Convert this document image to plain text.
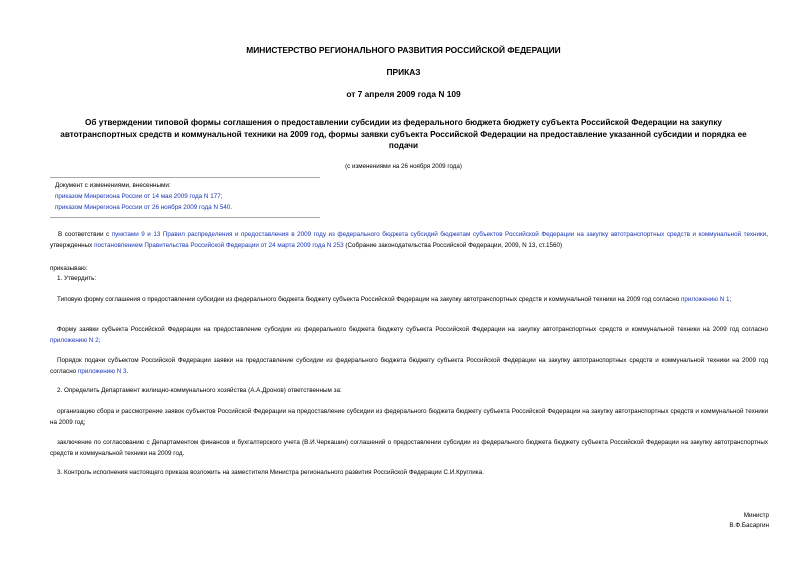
МИНИСТЕРСТВО РЕГИОНАЛЬНОГО РАЗВИТИЯ РОССИЙСКОЙ ФЕДЕРАЦИИ
ПРИКАЗ
от 7 апреля 2009 года N 109
Об утверждении типовой формы соглашения о предоставлении субсидии из федерального бюджета бюджету субъекта Российской Федерации на закупку автотранспортных средств и коммунальной техники на 2009 год, формы заявки субъекта Российской Федерации на предоставление указанной субсидии и порядка ее подачи
(с изменениями на 26 ноября 2009 года)
Документ с изменениями, внесенными:
приказом Минрегиона России от 14 мая 2009 года N 177;
приказом Минрегиона России от 26 ноября 2009 года N 540.
В соответствии с пунктами 9 и 13 Правил распределения и предоставления в 2009 году из федерального бюджета субсидий бюджетам субъектов Российской Федерации на закупку автотранспортных средств и коммунальной техники, утвержденных постановлением Правительства Российской Федерации от 24 марта 2009 года N 253 (Собрание законодательства Российской Федерации, 2009, N 13, ст.1560)
приказываю:
1. Утвердить:
Типовую форму соглашения о предоставлении субсидии из федерального бюджета бюджету субъекта Российской Федерации на закупку автотранспортных средств и коммунальной техники на 2009 год согласно приложению N 1;
Форму заявки субъекта Российской Федерации на предоставление субсидии из федерального бюджета бюджету субъекта Российской Федерации на закупку автотранспортных средств и коммунальной техники на 2009 год согласно приложению N 2;
Порядок подачи субъектом Российской Федерации заявки на предоставление субсидии из федерального бюджета бюджету субъекта Российской Федерации на закупку автотранспортных средств и коммунальной техники на 2009 год согласно приложению N 3.
2. Определить Департамент жилищно-коммунального хозяйства (А.А.Дронов) ответственным за:
организацию сбора и рассмотрение заявок субъектов Российской Федерации на предоставление субсидии из федерального бюджета бюджету субъекта Российской Федерации на закупку автотранспортных средств и коммунальной техники на 2009 год;
заключение по согласованию с Департаментом финансов и бухгалтерского учета (В.И.Черкашин) соглашений о предоставлении субсидии из федерального бюджета бюджету субъекта Российской Федерации на закупку автотранспортных средств и коммунальной техники на 2009 год.
3. Контроль исполнения настоящего приказа возложить на заместителя Министра регионального развития Российской Федерации С.И.Круглика.
Министр
В.Ф.Басаргин
